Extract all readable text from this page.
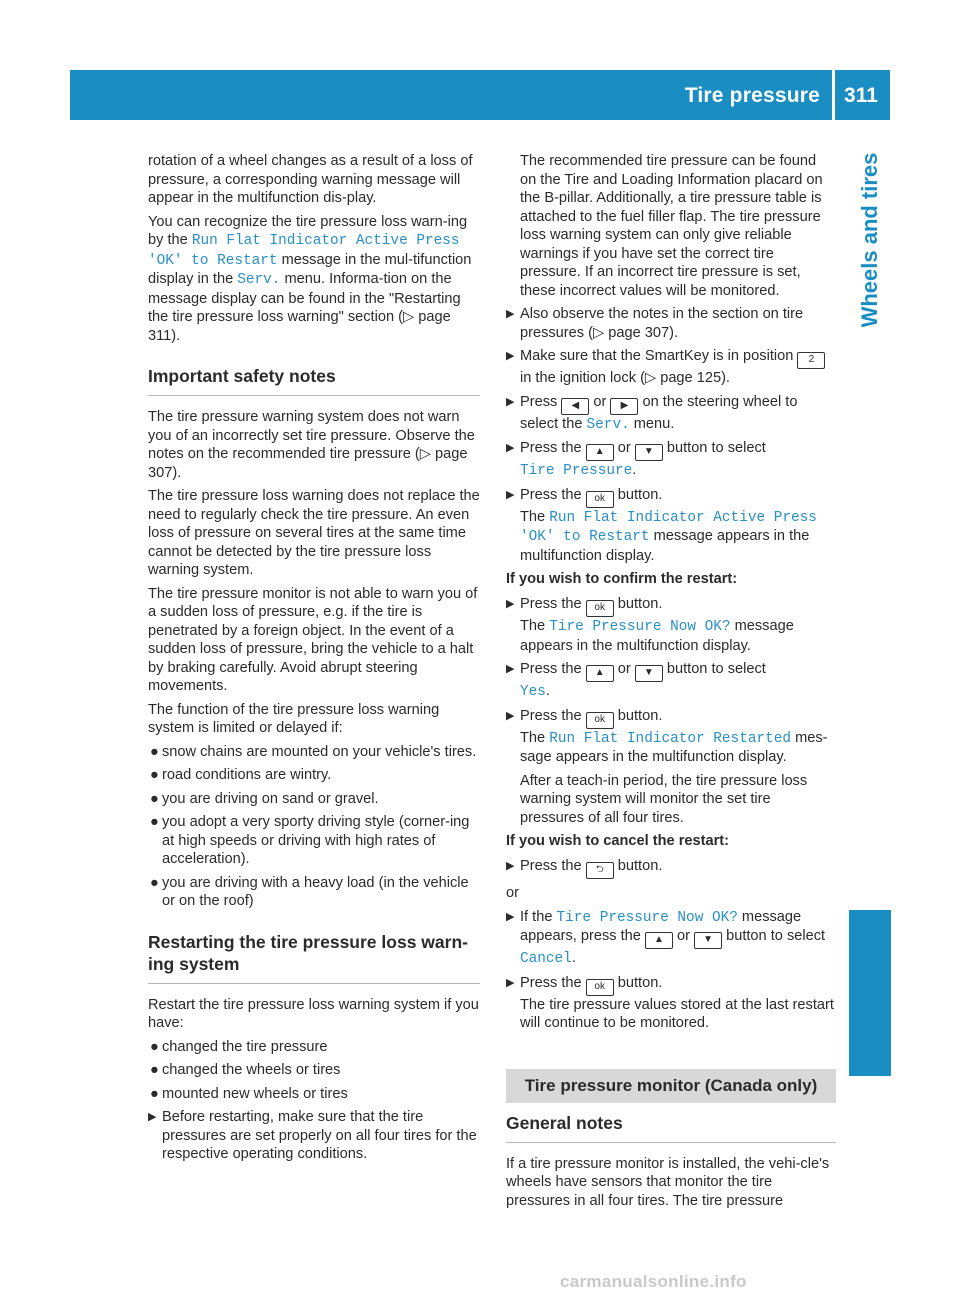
Tire pressure 311
Wheels and tires

rotation of a wheel changes as a result of a loss of pressure, a corresponding warning message will appear in the multifunction dis-play.

You can recognize the tire pressure loss warn-ing by the Run Flat Indicator Active Press 'OK' to Restart message in the mul-tifunction display in the Serv. menu. Informa-tion on the message display can be found in the "Restarting the tire pressure loss warning" section (▷ page 311).

Important safety notes

The tire pressure warning system does not warn you of an incorrectly set tire pressure. Observe the notes on the recommended tire pressure (▷ page 307).

The tire pressure loss warning does not replace the need to regularly check the tire pressure. An even loss of pressure on several tires at the same time cannot be detected by the tire pressure loss warning system.

The tire pressure monitor is not able to warn you of a sudden loss of pressure, e.g. if the tire is penetrated by a foreign object. In the event of a sudden loss of pressure, bring the vehicle to a halt by braking carefully. Avoid abrupt steering movements.

The function of the tire pressure loss warning system is limited or delayed if:

● snow chains are mounted on your vehicle's tires.
● road conditions are wintry.
● you are driving on sand or gravel.
● you adopt a very sporty driving style (corner-ing at high speeds or driving with high rates of acceleration).
● you are driving with a heavy load (in the vehicle or on the roof)
Restarting the tire pressure loss warn-ing system

Restart the tire pressure loss warning system if you have:

● changed the tire pressure
● changed the wheels or tires
● mounted new wheels or tires
▶ Before restarting, make sure that the tire pressures are set properly on all four tires for the respective operating conditions.

The recommended tire pressure can be found on the Tire and Loading Information placard on the B-pillar. Additionally, a tire pressure table is attached to the fuel filler flap. The tire pressure loss warning system can only give reliable warnings if you have set the correct tire pressure. If an incorrect tire pressure is set, these incorrect values will be monitored.

▶ Also observe the notes in the section on tire pressures (▷ page 307).
▶ Make sure that the SmartKey is in position 2 in the ignition lock (▷ page 125).
▶ Press ◀ or ▶ on the steering wheel to select the Serv. menu.
▶ Press the ▲ or ▼ button to select
Tire Pressure.
▶ Press the ok button.
The Run Flat Indicator Active Press 'OK' to Restart message appears in the multifunction display.
If you wish to confirm the restart:
▶ Press the ok button.
The Tire Pressure Now OK? message appears in the multifunction display.
▶ Press the ▲ or ▼ button to select
Yes.
▶ Press the ok button.
The Run Flat Indicator Restarted mes-sage appears in the multifunction display.

After a teach-in period, the tire pressure loss warning system will monitor the set tire pressures of all four tires.

If you wish to cancel the restart:
▶ Press the ⮌ button.

or

▶ If the Tire Pressure Now OK? message appears, press the ▲ or ▼ button to select Cancel.
▶ Press the ok button.
The tire pressure values stored at the last restart will continue to be monitored.
Tire pressure monitor (Canada only)
General notes

If a tire pressure monitor is installed, the vehi-cle's wheels have sensors that monitor the tire pressures in all four tires. The tire pressure

carmanualsonline.info
